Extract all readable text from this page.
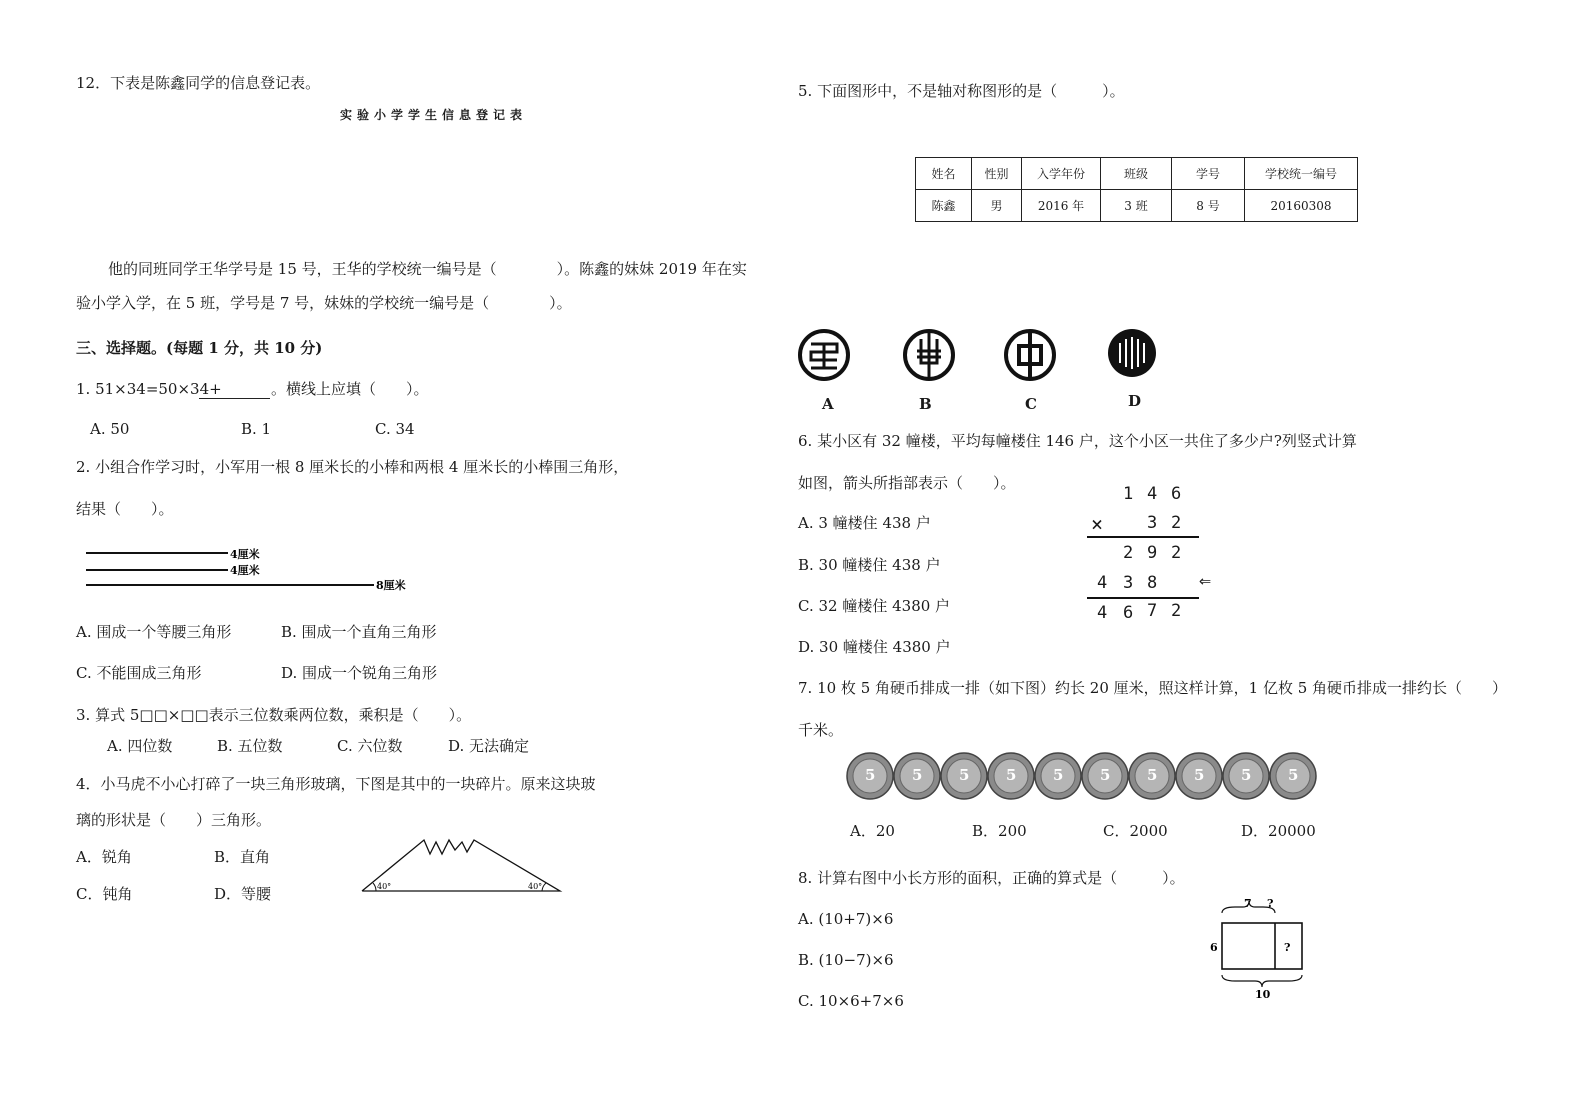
12．下表是陈鑫同学的信息登记表。
实验小学学生信息登记表
他的同班同学王华学号是 15 号，王华的学校统一编号是（　　　　）。陈鑫的妹妹 2019 年在实
验小学入学，在 5 班，学号是 7 号，妹妹的学校统一编号是（　　　　）。
三、选择题。(每题 1 分，共 10 分)
1. 51×34=50×34+	。横线上应填（　　）。
A. 50	B. 1	C. 34
2. 小组合作学习时，小军用一根 8 厘米长的小棒和两根 4 厘米长的小棒围三角形，
结果（　　）。
4厘米
4厘米
8厘米
A. 围成一个等腰三角形	B. 围成一个直角三角形
C. 不能围成三角形	D. 围成一个锐角三角形
3. 算式 5□□×□□表示三位数乘两位数，乘积是（　　）。
A. 四位数	B. 五位数	C. 六位数	D. 无法确定
4．小马虎不小心打碎了一块三角形玻璃，下图是其中的一块碎片。原来这块玻
璃的形状是（　　）三角形。
A．锐角	B．直角
C．钝角	D．等腰	40°	40°
5. 下面图形中，不是轴对称图形的是（　　　）。
姓名	性别	入学年份	班级	学号	学校统一编号
陈鑫	男	2016 年	3 班	8 号	20160308
A	B	C	D
6. 某小区有 32 幢楼，平均每幢楼住 146 户，这个小区一共住了多少户?列竖式计算
如图，箭头所指部表示（　　）。
A. 3 幢楼住 438 户
B. 30 幢楼住 438 户
C. 32 幢楼住 4380 户
D. 30 幢楼住 4380 户
1 4 6
×	3 2
2 9 2
4 3 8 ⇐
4 6 7 2
7. 10 枚 5 角硬币排成一排（如下图）约长 20 厘米，照这样计算，1 亿枚 5 角硬币排成一排约长（　　）
千米。
5 5 5 5 5 5 5 5 5 5
A．20	B．200	C．2000	D．20000
8. 计算右图中小长方形的面积，正确的算式是（　　　）。
A. (10+7)×6
B. (10−7)×6
C. 10×6+7×6
7 ?
6	?
10
